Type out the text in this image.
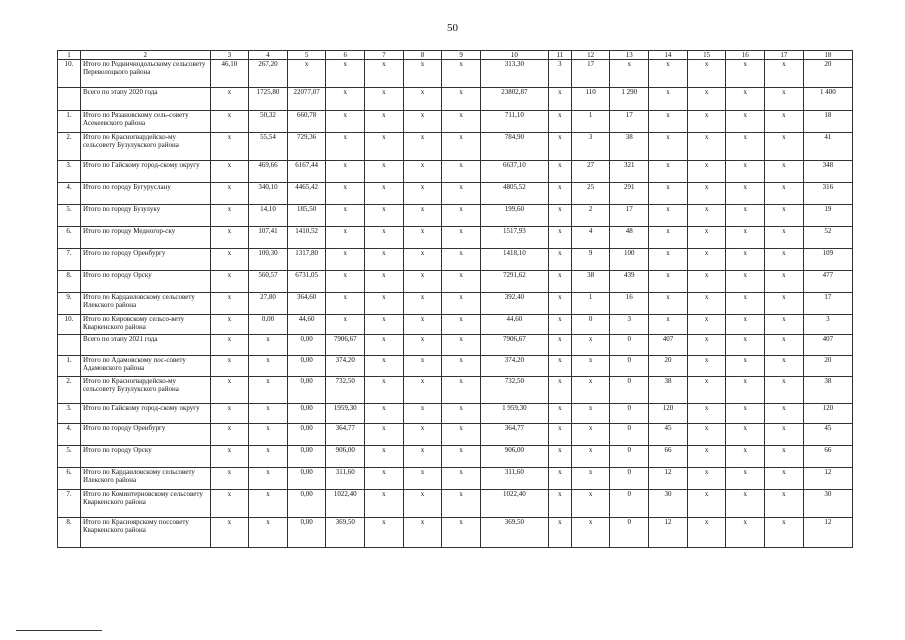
50
1	2	3	4	5	6	7	8	9	10	11	12	13	14	15	16	17	18
10.	Итого по Родничнодольскому сельсовету Переволоцкого района	46,10	267,20	x	x	x	x	x	313,30	3	17	x	x	x	x	x	20
	Всего по этапу 2020 года	x	1725,80	22077,07	x	x	x	x	23802,87	x	110	1 290	x	x	x	x	1 400
1.	Итого по Рязановскому сель-совету Асекеевского района	x	50,32	660,78	x	x	x	x	711,10	x	1	17	x	x	x	x	18
2.	Итого по Красногвардейско-му сельсовету Бузулукского района	x	55,54	729,36	x	x	x	x	784,90	x	3	38	x	x	x	x	41
3.	Итого по Гайскому город-скому округу	x	469,66	6167,44	x	x	x	x	6637,10	x	27	321	x	x	x	x	348
4.	Итого по городу Бугуруслану	x	340,10	4465,42	x	x	x	x	4805,52	x	25	291	x	x	x	x	316
5.	Итого по городу Бузулуку	x	14,10	185,50	x	x	x	x	199,60	x	2	17	x	x	x	x	19
6.	Итого по городу Медногор-ску	x	107,41	1410,52	x	x	x	x	1517,93	x	4	48	x	x	x	x	52
7.	Итого по городу Оренбургу	x	100,30	1317,80	x	x	x	x	1418,10	x	9	100	x	x	x	x	109
8.	Итого по городу Орску	x	560,57	6731,05	x	x	x	x	7291,62	x	38	439	x	x	x	x	477
9.	Итого по Кардаиловскому сельсовету Илекского района	x	27,80	364,60	x	x	x	x	392,40	x	1	16	x	x	x	x	17
10.	Итого по Кировскому сельсо-вету Кваркенского района	x	0,00	44,60	x	x	x	x	44,60	x	0	3	x	x	x	x	3
	Всего по этапу 2021 года	x	x	0,00	7906,67	x	x	x	7906,67	x	x	0	407	x	x	x	407
1.	Итого по Адамовскому пос-совету Адамовского района	x	x	0,00	374,20	x	x	x	374,20	x	x	0	20	x	x	x	20
2.	Итого по Красногвардейско-му сельсовету Бузулукского района	x	x	0,00	732,50	x	x	x	732,50	x	x	0	38	x	x	x	38
3.	Итого по Гайскому город-скому округу	x	x	0,00	1959,30	x	x	x	1 959,30	x	x	0	120	x	x	x	120
4.	Итого по городу Оренбургу	x	x	0,00	364,77	x	x	x	364,77	x	x	0	45	x	x	x	45
5.	Итого по городу Орску	x	x	0,00	906,00	x	x	x	906,00	x	x	0	66	x	x	x	66
6.	Итого по Кардаиловскому сельсовету Илекского района	x	x	0,00	311,60	x	x	x	311,60	x	x	0	12	x	x	x	12
7.	Итого по Коминтерновскому сельсовету Кваркенского района	x	x	0,00	1022,40	x	x	x	1022,40	x	x	0	30	x	x	x	30
8.	Итого по Красноярскому поссовету Кваркенского района	x	x	0,00	369,50	x	x	x	369,50	x	x	0	12	x	x	x	12
